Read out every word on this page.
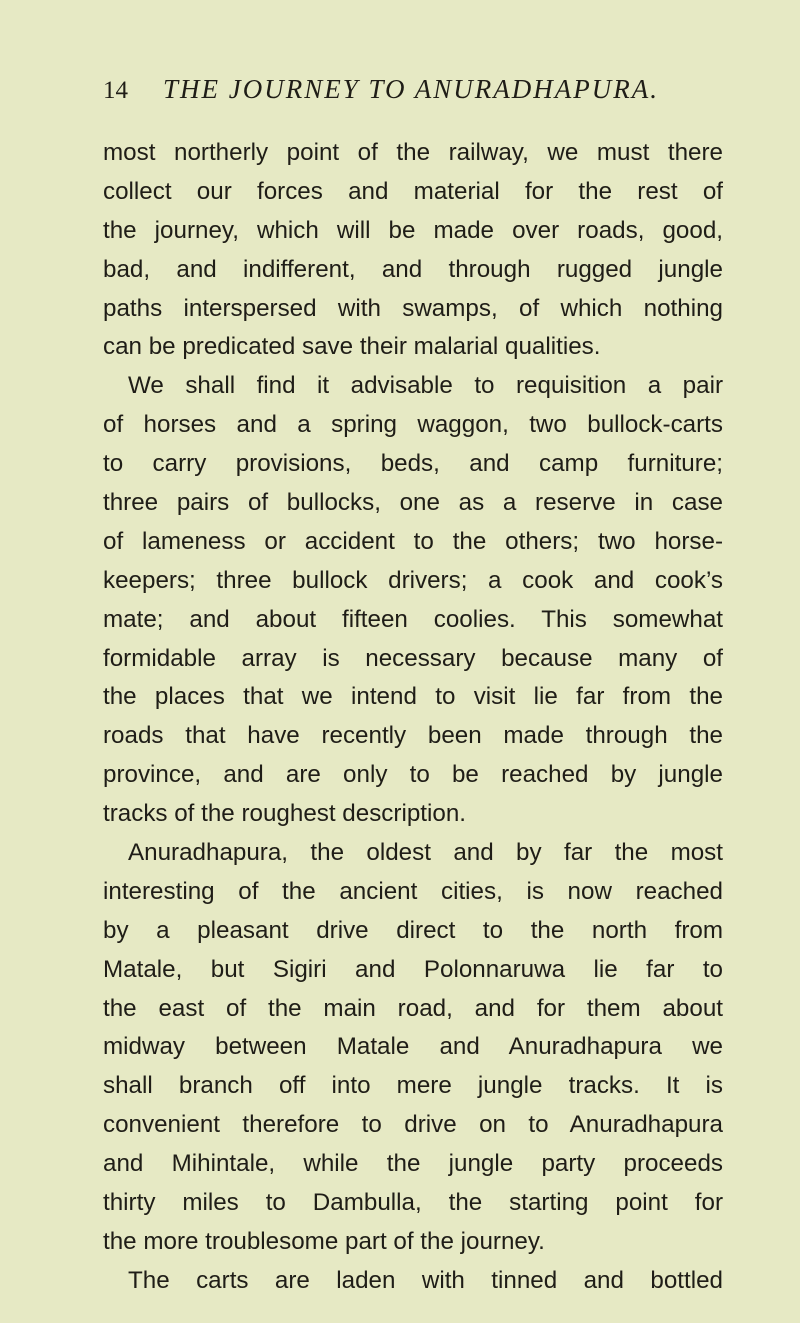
14 THE JOURNEY TO ANURADHAPURA.
most northerly point of the railway, we must there
collect our forces and material for the rest of
the journey, which will be made over roads, good,
bad, and indifferent, and through rugged jungle
paths interspersed with swamps, of which nothing
can be predicated save their malarial qualities.
We shall find it advisable to requisition a pair
of horses and a spring waggon, two bullock-carts
to carry provisions, beds, and camp furniture;
three pairs of bullocks, one as a reserve in case
of lameness or accident to the others; two horse-
keepers; three bullock drivers; a cook and cook’s
mate; and about fifteen coolies. This somewhat
formidable array is necessary because many of
the places that we intend to visit lie far from the
roads that have recently been made through the
province, and are only to be reached by jungle
tracks of the roughest description.
Anuradhapura, the oldest and by far the most
interesting of the ancient cities, is now reached
by a pleasant drive direct to the north from
Matale, but Sigiri and Polonnaruwa lie far to
the east of the main road, and for them about
midway between Matale and Anuradhapura we
shall branch off into mere jungle tracks. It is
convenient therefore to drive on to Anuradhapura
and Mihintale, while the jungle party proceeds
thirty miles to Dambulla, the starting point for
the more troublesome part of the journey.
The carts are laden with tinned and bottled
